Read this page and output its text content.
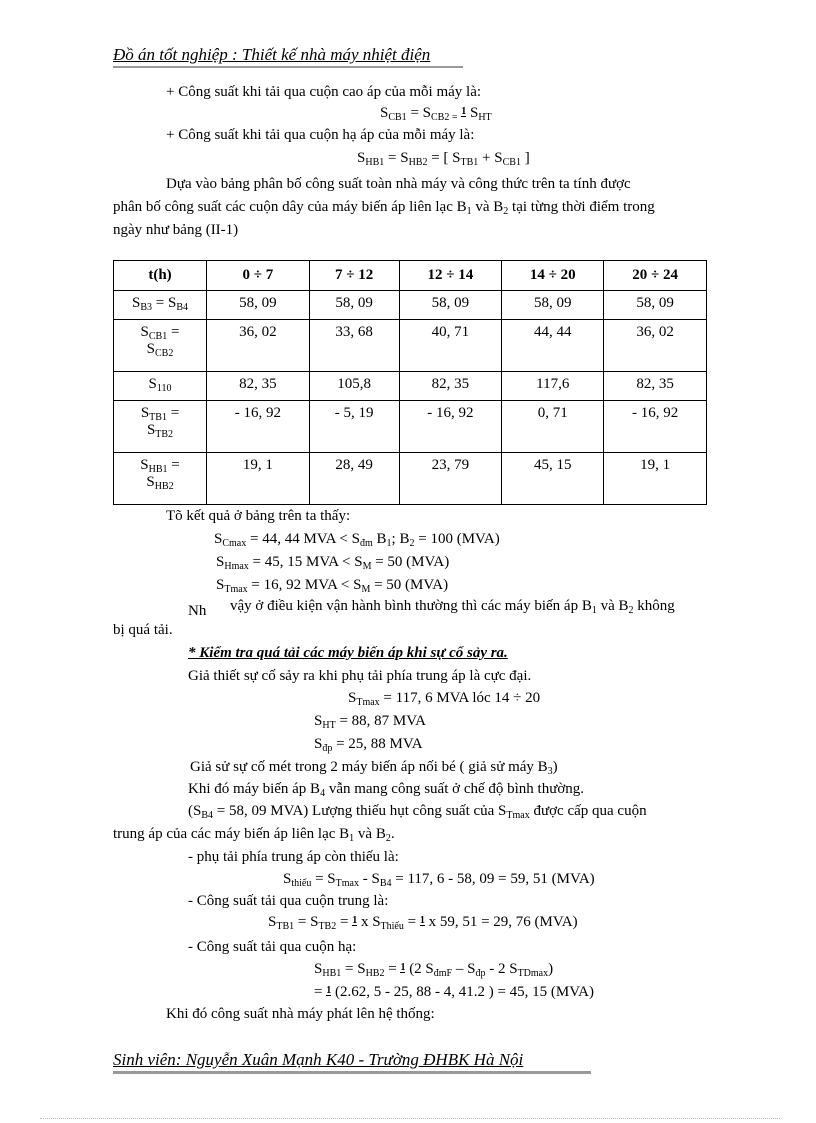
Đồ án tốt nghiệp : Thiết kế nhà máy nhiệt điện
+ Công suất khi tải qua cuộn cao áp của mỗi máy là:
$S_{CB1} = S_{CB2 =}$
1 $S_{HT}$
+ Công suất khi tải qua cuộn hạ áp của mỗi máy là:
$S_{HB1} = S_{HB2}$ = [ $S_{TB1} + S_{CB1}$ ]
Dựa vào bảng phân bố công suất toàn nhà máy và công thức trên ta tính được
phân bố công suất các cuộn dây của máy biến áp liên lạc $B_1$ và $B_2$ tại từng thời điểm trong
ngày như bảng (II-1)
t(h)	0 ÷ 7	7 ÷ 12	12 ÷ 14	14 ÷ 20	20 ÷ 24
$S_{B3} = S_{B4}$	58, 09	58, 09	58, 09	58, 09	58, 09
$S_{CB1}$ =
$S_{CB2}$	36, 02	33, 68	40, 71	44, 44	36, 02
$S_{110}$	82, 35	105,8	82, 35	117,6	82, 35
$S_{TB1}$ =
$S_{TB2}$	- 16, 92	- 5, 19	- 16, 92	0, 71	- 16, 92
$S_{HB1}$ =
$S_{HB2}$	19, 1	28, 49	23, 79	45, 15	19, 1
Tõ kết quả ở bảng trên ta thấy:
$S_{Cmax} = 44$, 44 MVA < $S_{đm}$ $B_1$; $B_2 = 100$ (MVA)
$S_{Hmax} = 45$, 15 MVA < $S_M = 50$ (MVA)
$S_{Tmax} = 16$, 92 MVA < $S_M = 50$ (MVA)
Nh vậy ở điều kiện vận hành bình thường thì các máy biến áp $B_1$ và $B_2$ không
bị quá tải.
* Kiểm tra quá tải các máy biến áp khi sự cố sảy ra.
Giả thiết sự cố sảy ra khi phụ tải phía trung áp là cực đại.
$S_{Tmax} = 117$, 6 MVA lóc 14 ÷ 20
$S_{HT} = 88$, 87 MVA
$S_{đp} = 25$, 88 MVA
Giả sử sự cố mét trong 2 máy biến áp nối bé ( giả sử máy $B_3$)
Khi đó máy biến áp $B_4$ vẫn mang công suất ở chế độ bình thường.
($S_{B4} = 58$, 09 MVA) Lượng thiếu hụt công suất của $S_{Tmax}$ được cấp qua cuộn
trung áp của các máy biến áp liên lạc $B_1$ và $B_2$.
- phụ tải phía trung áp còn thiếu là:
$S_{thiếu} = S_{Tmax} - S_{B4} = 117$, 6 - 58, 09 = 59, 51 (MVA)
- Công suất tải qua cuộn trung là:
$S_{TB1} = S_{TB2} = 1$ x $S_{Thiếu} = 1$ x 59, 51 = 29, 76 (MVA)
- Công suất tải qua cuộn hạ:
$S_{HB1} = S_{HB2} = 1$ (2 $S_{đmF} - S_{đp} - 2$ $S_{TDmax}$)
= 1 (2.62, 5 - 25, 88 - 4, 41.2 ) = 45, 15 (MVA)
Khi đó công suất nhà máy phát lên hệ thống:
Sinh viên: Nguyễn Xuân Mạnh K40 - Trường ĐHBK Hà Nội
